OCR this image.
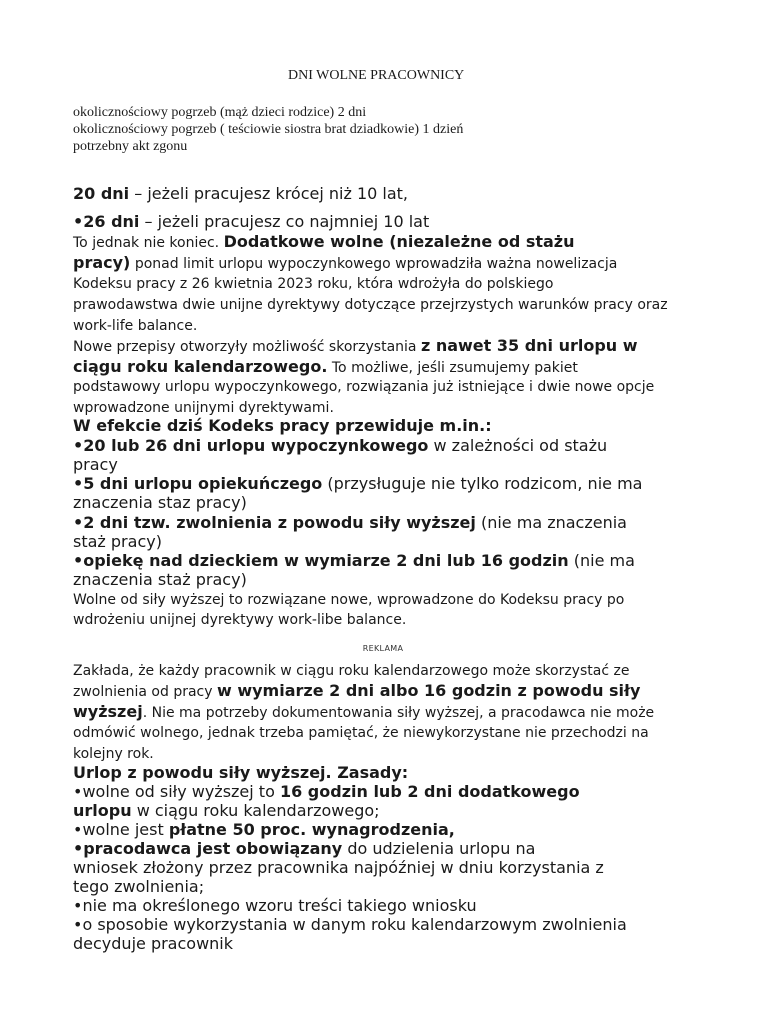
DNI WOLNE PRACOWNICY
okolicznościowy pogrzeb (mąż dzieci rodzice) 2 dni
okolicznościowy pogrzeb ( teściowie siostra brat dziadkowie) 1 dzień
potrzebny akt zgonu
20 dni – jeżeli pracujesz krócej niż 10 lat,
•26 dni – jeżeli pracujesz co najmniej 10 lat
To jednak nie koniec. Dodatkowe wolne (niezależne od stażu
pracy) ponad limit urlopu wypoczynkowego wprowadziła ważna nowelizacja
Kodeksu pracy z 26 kwietnia 2023 roku, która wdrożyła do polskiego
prawodawstwa dwie unijne dyrektywy dotyczące przejrzystych warunków pracy oraz
work-life balance.
Nowe przepisy otworzyły możliwość skorzystania z nawet 35 dni urlopu w
ciągu roku kalendarzowego. To możliwe, jeśli zsumujemy pakiet
podstawowy urlopu wypoczynkowego, rozwiązania już istniejące i dwie nowe opcje
wprowadzone unijnymi dyrektywami.
W efekcie dziś Kodeks pracy przewiduje m.in.:
•20 lub 26 dni urlopu wypoczynkowego w zależności od stażu
pracy
•5 dni urlopu opiekuńczego (przysługuje nie tylko rodzicom, nie ma
znaczenia staz pracy)
•2 dni tzw. zwolnienia z powodu siły wyższej (nie ma znaczenia
staż pracy)
•opiekę nad dzieckiem w wymiarze 2 dni lub 16 godzin (nie ma
znaczenia staż pracy)
Wolne od siły wyższej to rozwiązane nowe, wprowadzone do Kodeksu pracy po
wdrożeniu unijnej dyrektywy work-libe balance.
REKLAMA
Zakłada, że każdy pracownik w ciągu roku kalendarzowego może skorzystać ze
zwolnienia od pracy w wymiarze 2 dni albo 16 godzin z powodu siły
wyższej. Nie ma potrzeby dokumentowania siły wyższej, a pracodawca nie może
odmówić wolnego, jednak trzeba pamiętać, że niewykorzystane nie przechodzi na
kolejny rok.
Urlop z powodu siły wyższej. Zasady:
•wolne od siły wyższej to 16 godzin lub 2 dni dodatkowego
urlopu w ciągu roku kalendarzowego;
•wolne jest płatne 50 proc. wynagrodzenia,
•pracodawca jest obowiązany do udzielenia urlopu na
wniosek złożony przez pracownika najpóźniej w dniu korzystania z
tego zwolnienia;
•nie ma określonego wzoru treści takiego wniosku
•o sposobie wykorzystania w danym roku kalendarzowym zwolnienia
decyduje pracownik
